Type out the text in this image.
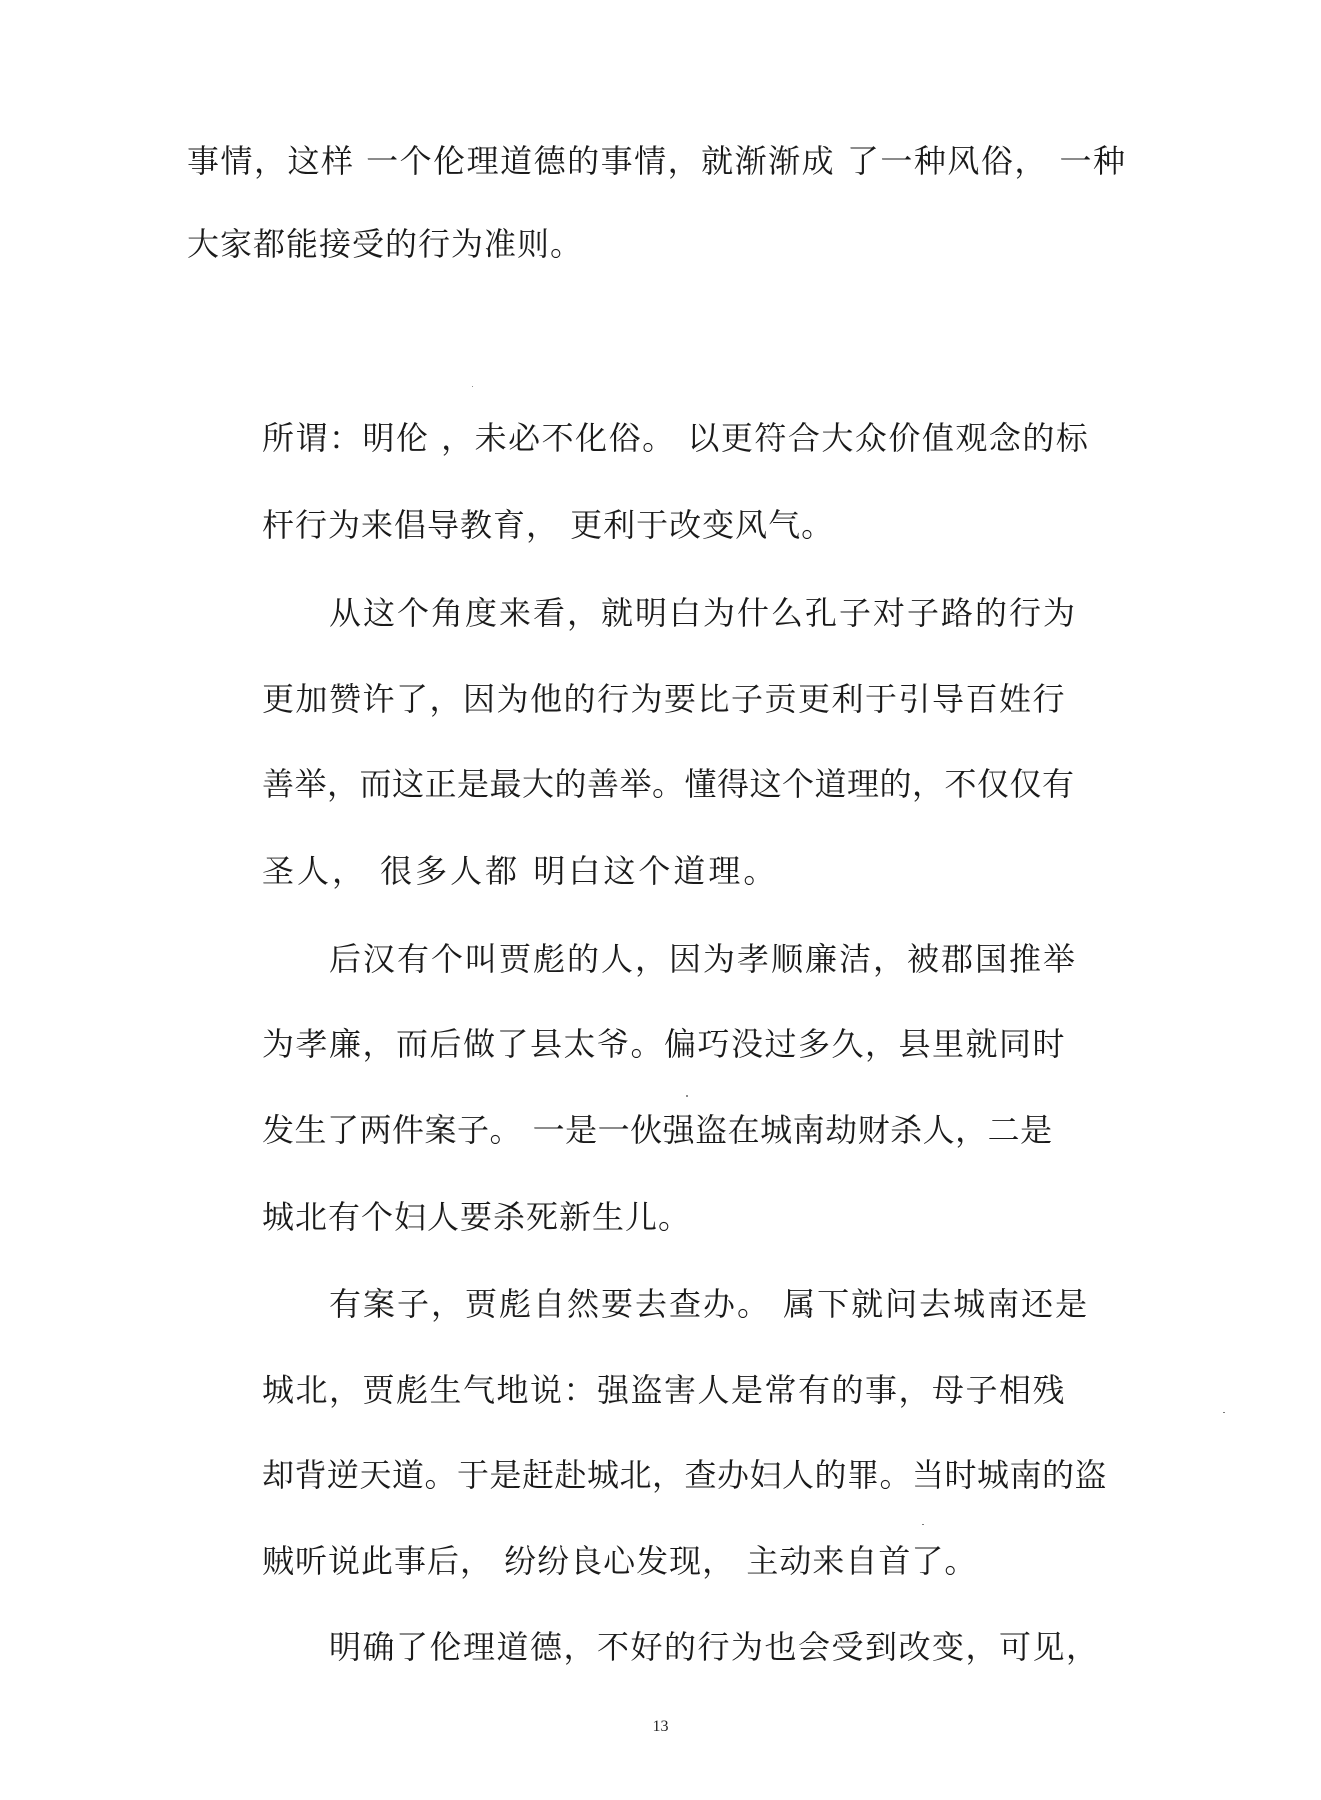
事情，这样 一个伦理道德的事情，就渐渐成 了一种风俗， 一种
大家都能接受的行为准则。
所谓：明伦 ，未必不化俗。 以更符合大众价值观念的标
杆行为来倡导教育， 更利于改变风气。
从这个角度来看，就明白为什么孔子对子路的行为
更加赞许了，因为他的行为要比子贡更利于引导百姓行
善举，而这正是最大的善举。懂得这个道理的，不仅仅有
圣人， 很多人都 明白这个道理。
后汉有个叫贾彪的人，因为孝顺廉洁，被郡国推举
为孝廉，而后做了县太爷。偏巧没过多久，县里就同时
发生了两件案子。 一是一伙强盗在城南劫财杀人，二是
城北有个妇人要杀死新生儿。
有案子，贾彪自然要去查办。 属下就问去城南还是
城北，贾彪生气地说：强盗害人是常有的事，母子相残
却背逆天道。于是赶赴城北，查办妇人的罪。当时城南的盗
贼听说此事后， 纷纷良心发现， 主动来自首了。
明确了伦理道德，不好的行为也会受到改变，可见，
13
